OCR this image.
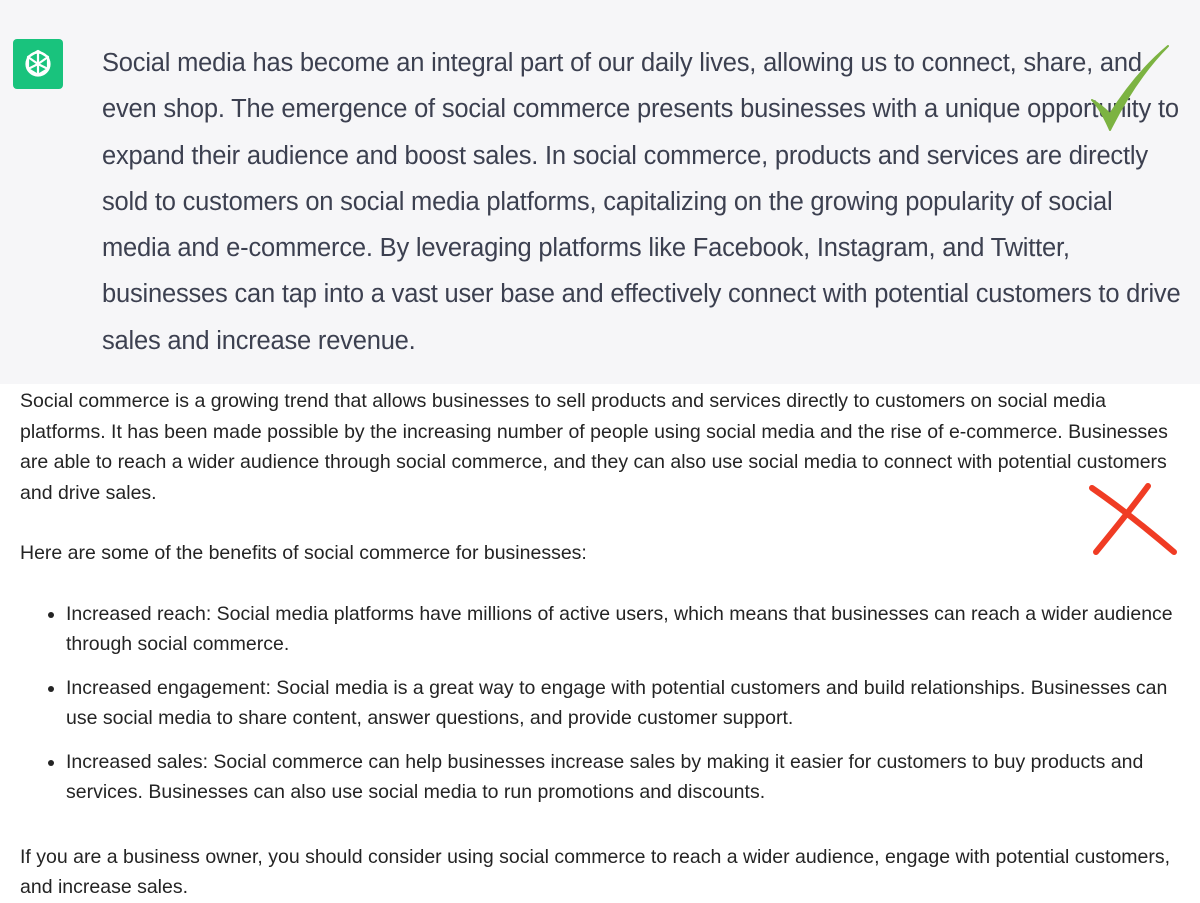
Social media has become an integral part of our daily lives, allowing us to connect, share, and even shop. The emergence of social commerce presents businesses with a unique opportunity to expand their audience and boost sales. In social commerce, products and services are directly sold to customers on social media platforms, capitalizing on the growing popularity of social media and e-commerce. By leveraging platforms like Facebook, Instagram, and Twitter, businesses can tap into a vast user base and effectively connect with potential customers to drive sales and increase revenue.

Social commerce is a growing trend that allows businesses to sell products and services directly to customers on social media platforms. It has been made possible by the increasing number of people using social media and the rise of e-commerce. Businesses are able to reach a wider audience through social commerce, and they can also use social media to connect with potential customers and drive sales.

Here are some of the benefits of social commerce for businesses:

• Increased reach: Social media platforms have millions of active users, which means that businesses can reach a wider audience through social commerce.
• Increased engagement: Social media is a great way to engage with potential customers and build relationships. Businesses can use social media to share content, answer questions, and provide customer support.
• Increased sales: Social commerce can help businesses increase sales by making it easier for customers to buy products and services. Businesses can also use social media to run promotions and discounts.

If you are a business owner, you should consider using social commerce to reach a wider audience, engage with potential customers, and increase sales.
